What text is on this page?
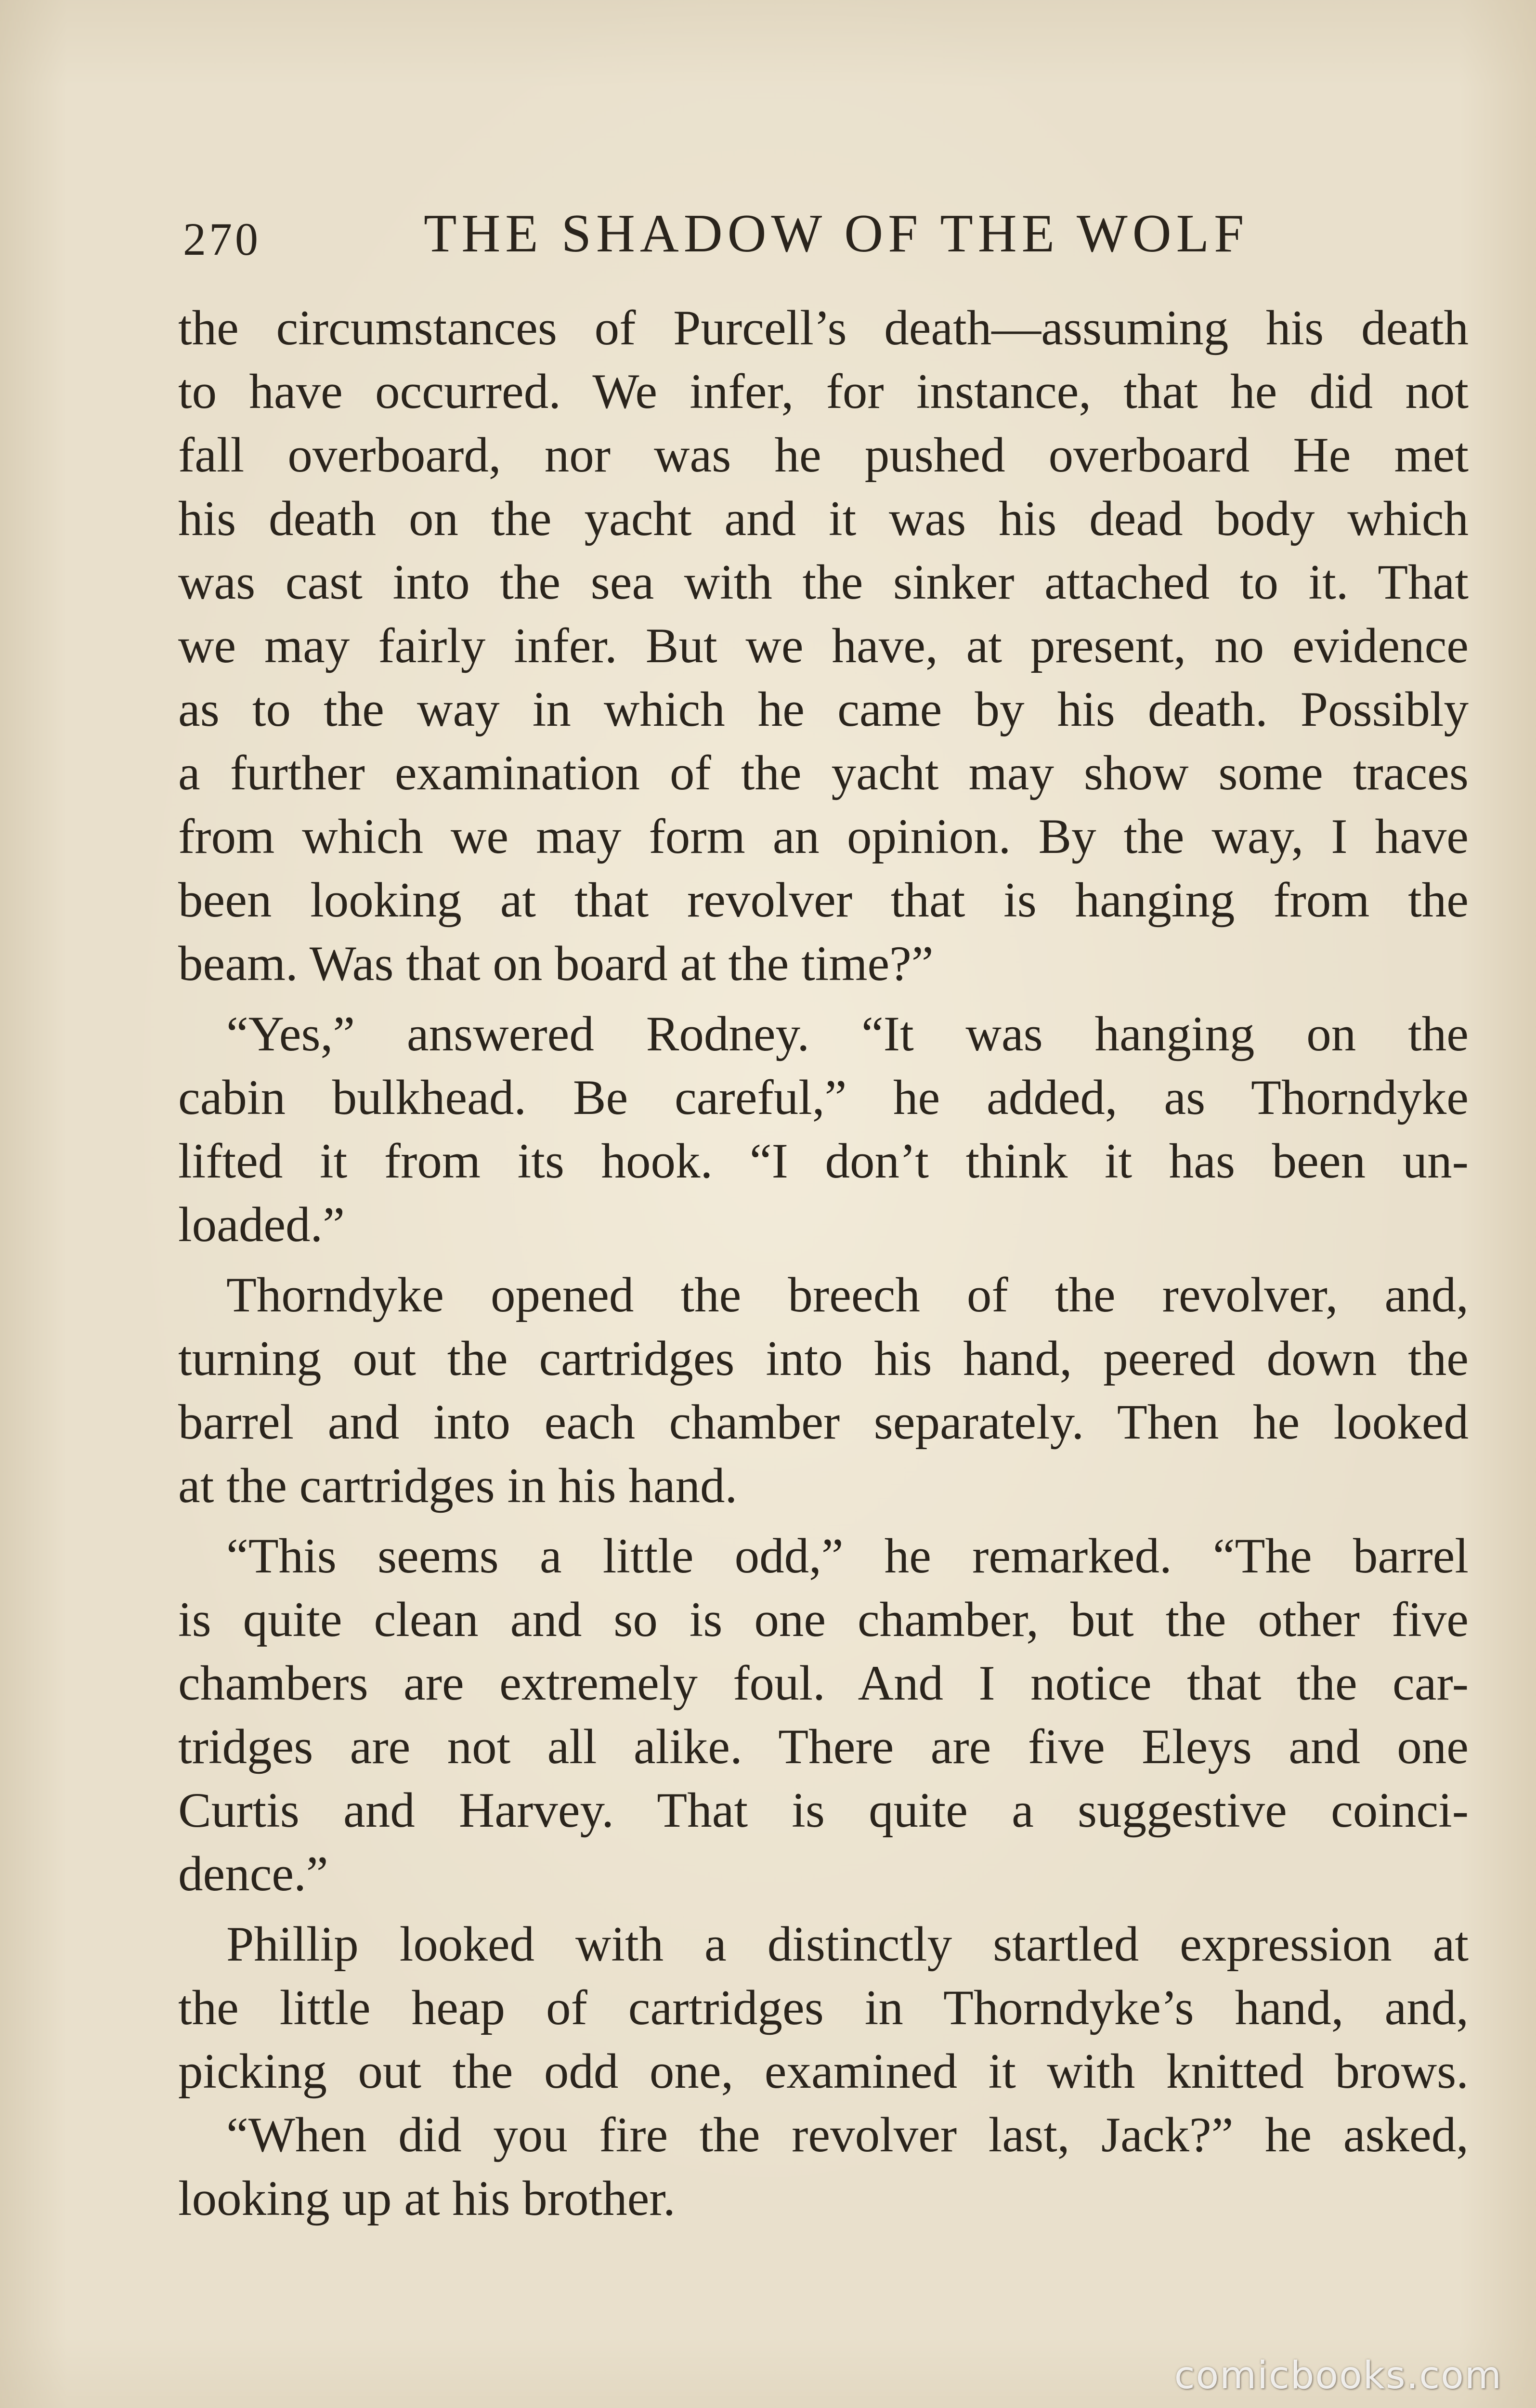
270	THE SHADOW OF THE WOLF
the circumstances of Purcell’s death—assuming his death
to have occurred. We infer, for instance, that he did not
fall overboard, nor was he pushed overboard He met
his death on the yacht and it was his dead body which
was cast into the sea with the sinker attached to it. That
we may fairly infer. But we have, at present, no evidence
as to the way in which he came by his death. Possibly
a further examination of the yacht may show some traces
from which we may form an opinion. By the way, I have
been looking at that revolver that is hanging from the
beam. Was that on board at the time?”
“Yes,” answered Rodney. “It was hanging on the
cabin bulkhead. Be careful,” he added, as Thorndyke
lifted it from its hook. “I don’t think it has been un-
loaded.”
Thorndyke opened the breech of the revolver, and,
turning out the cartridges into his hand, peered down the
barrel and into each chamber separately. Then he looked
at the cartridges in his hand.
“This seems a little odd,” he remarked. “The barrel
is quite clean and so is one chamber, but the other five
chambers are extremely foul. And I notice that the car-
tridges are not all alike. There are five Eleys and one
Curtis and Harvey. That is quite a suggestive coinci-
dence.”
Phillip looked with a distinctly startled expression at
the little heap of cartridges in Thorndyke’s hand, and,
picking out the odd one, examined it with knitted brows.
“When did you fire the revolver last, Jack?” he asked,
looking up at his brother.
comicbooks.com
